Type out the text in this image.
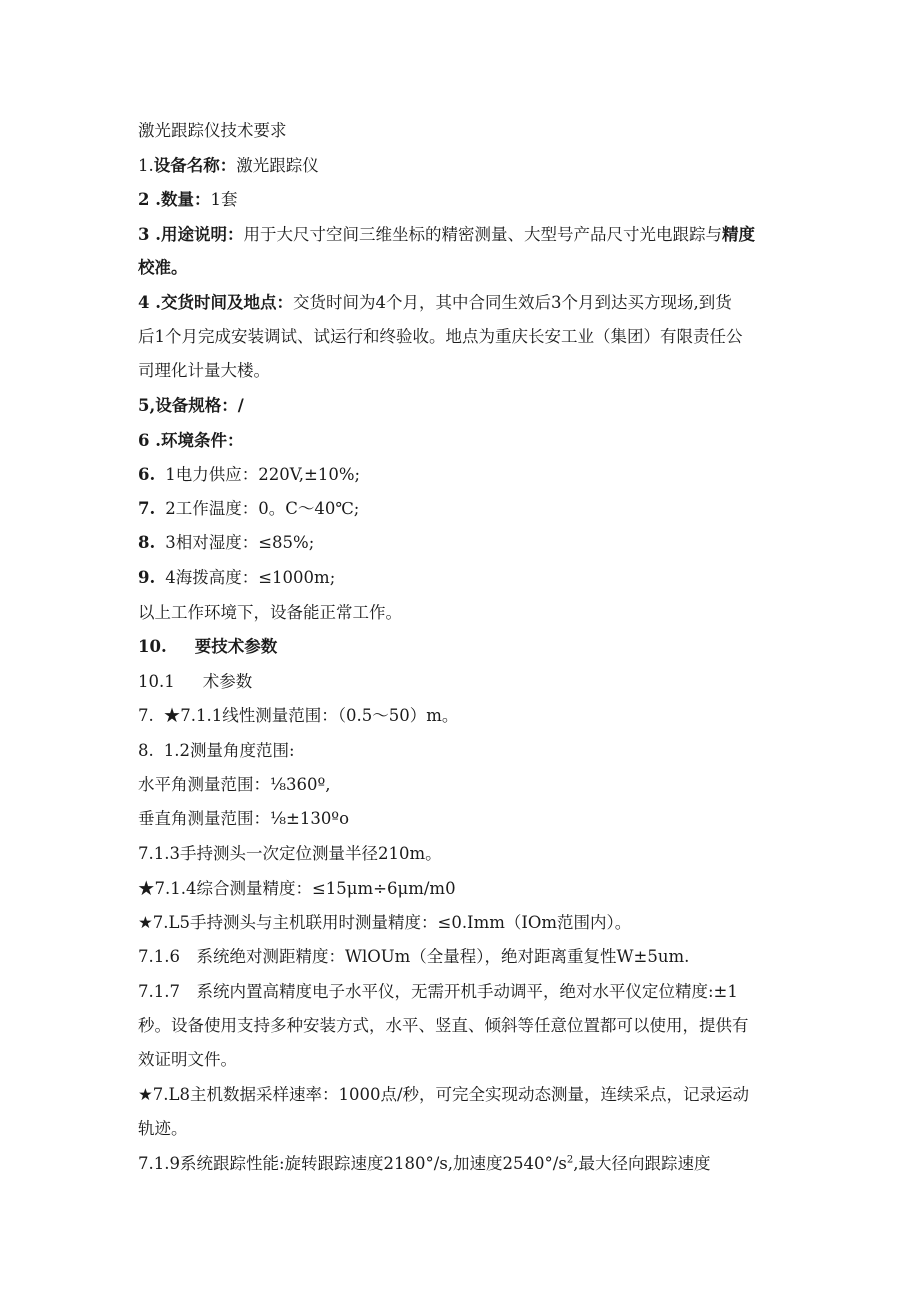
激光跟踪仪技术要求
1.设备名称：激光跟踪仪
2 .数量：1套
3 .用途说明：用于大尺寸空间三维坐标的精密测量、大型号产品尺寸光电跟踪与精度
校准。
4 .交货时间及地点：交货时间为4个月，其中合同生效后3个月到达买方现场,到货
后1个月完成安装调试、试运行和终验收。地点为重庆长安工业（集团）有限责任公
司理化计量大楼。
5,设备规格：/
6 .环境条件：
6. 1电力供应：220V,±10%;
7. 2工作温度：0。C～40℃;
8. 3相对湿度：≤85%;
9. 4海拨高度：≤1000m;
以上工作环境下，设备能正常工作。
10. 要技术参数
10.1 术参数
7. ★7.1.1线性测量范围：（0.5～50）m。
8. 1.2测量角度范围:
水平角测量范围：⅛360º,
垂直角测量范围：⅛±130ºo
7.1.3手持测头一次定位测量半径210m。
★7.1.4综合测量精度：≤15μm÷6μm/m0
★7.L5手持测头与主机联用时测量精度：≤0.Imm（IOm范围内）。
7.1.6　系统绝对测距精度：WlOUm（全量程），绝对距离重复性W±5um.
7.1.7　系统内置高精度电子水平仪，无需开机手动调平，绝对水平仪定位精度:±1
秒。设备使用支持多种安装方式，水平、竖直、倾斜等任意位置都可以使用，提供有
效证明文件。
★7.L8主机数据采样速率：1000点/秒，可完全实现动态测量，连续采点，记录运动
轨迹。
7.1.9系统跟踪性能:旋转跟踪速度2180°/s,加速度$2540^\circ/s^2$,最大径向跟踪速度
